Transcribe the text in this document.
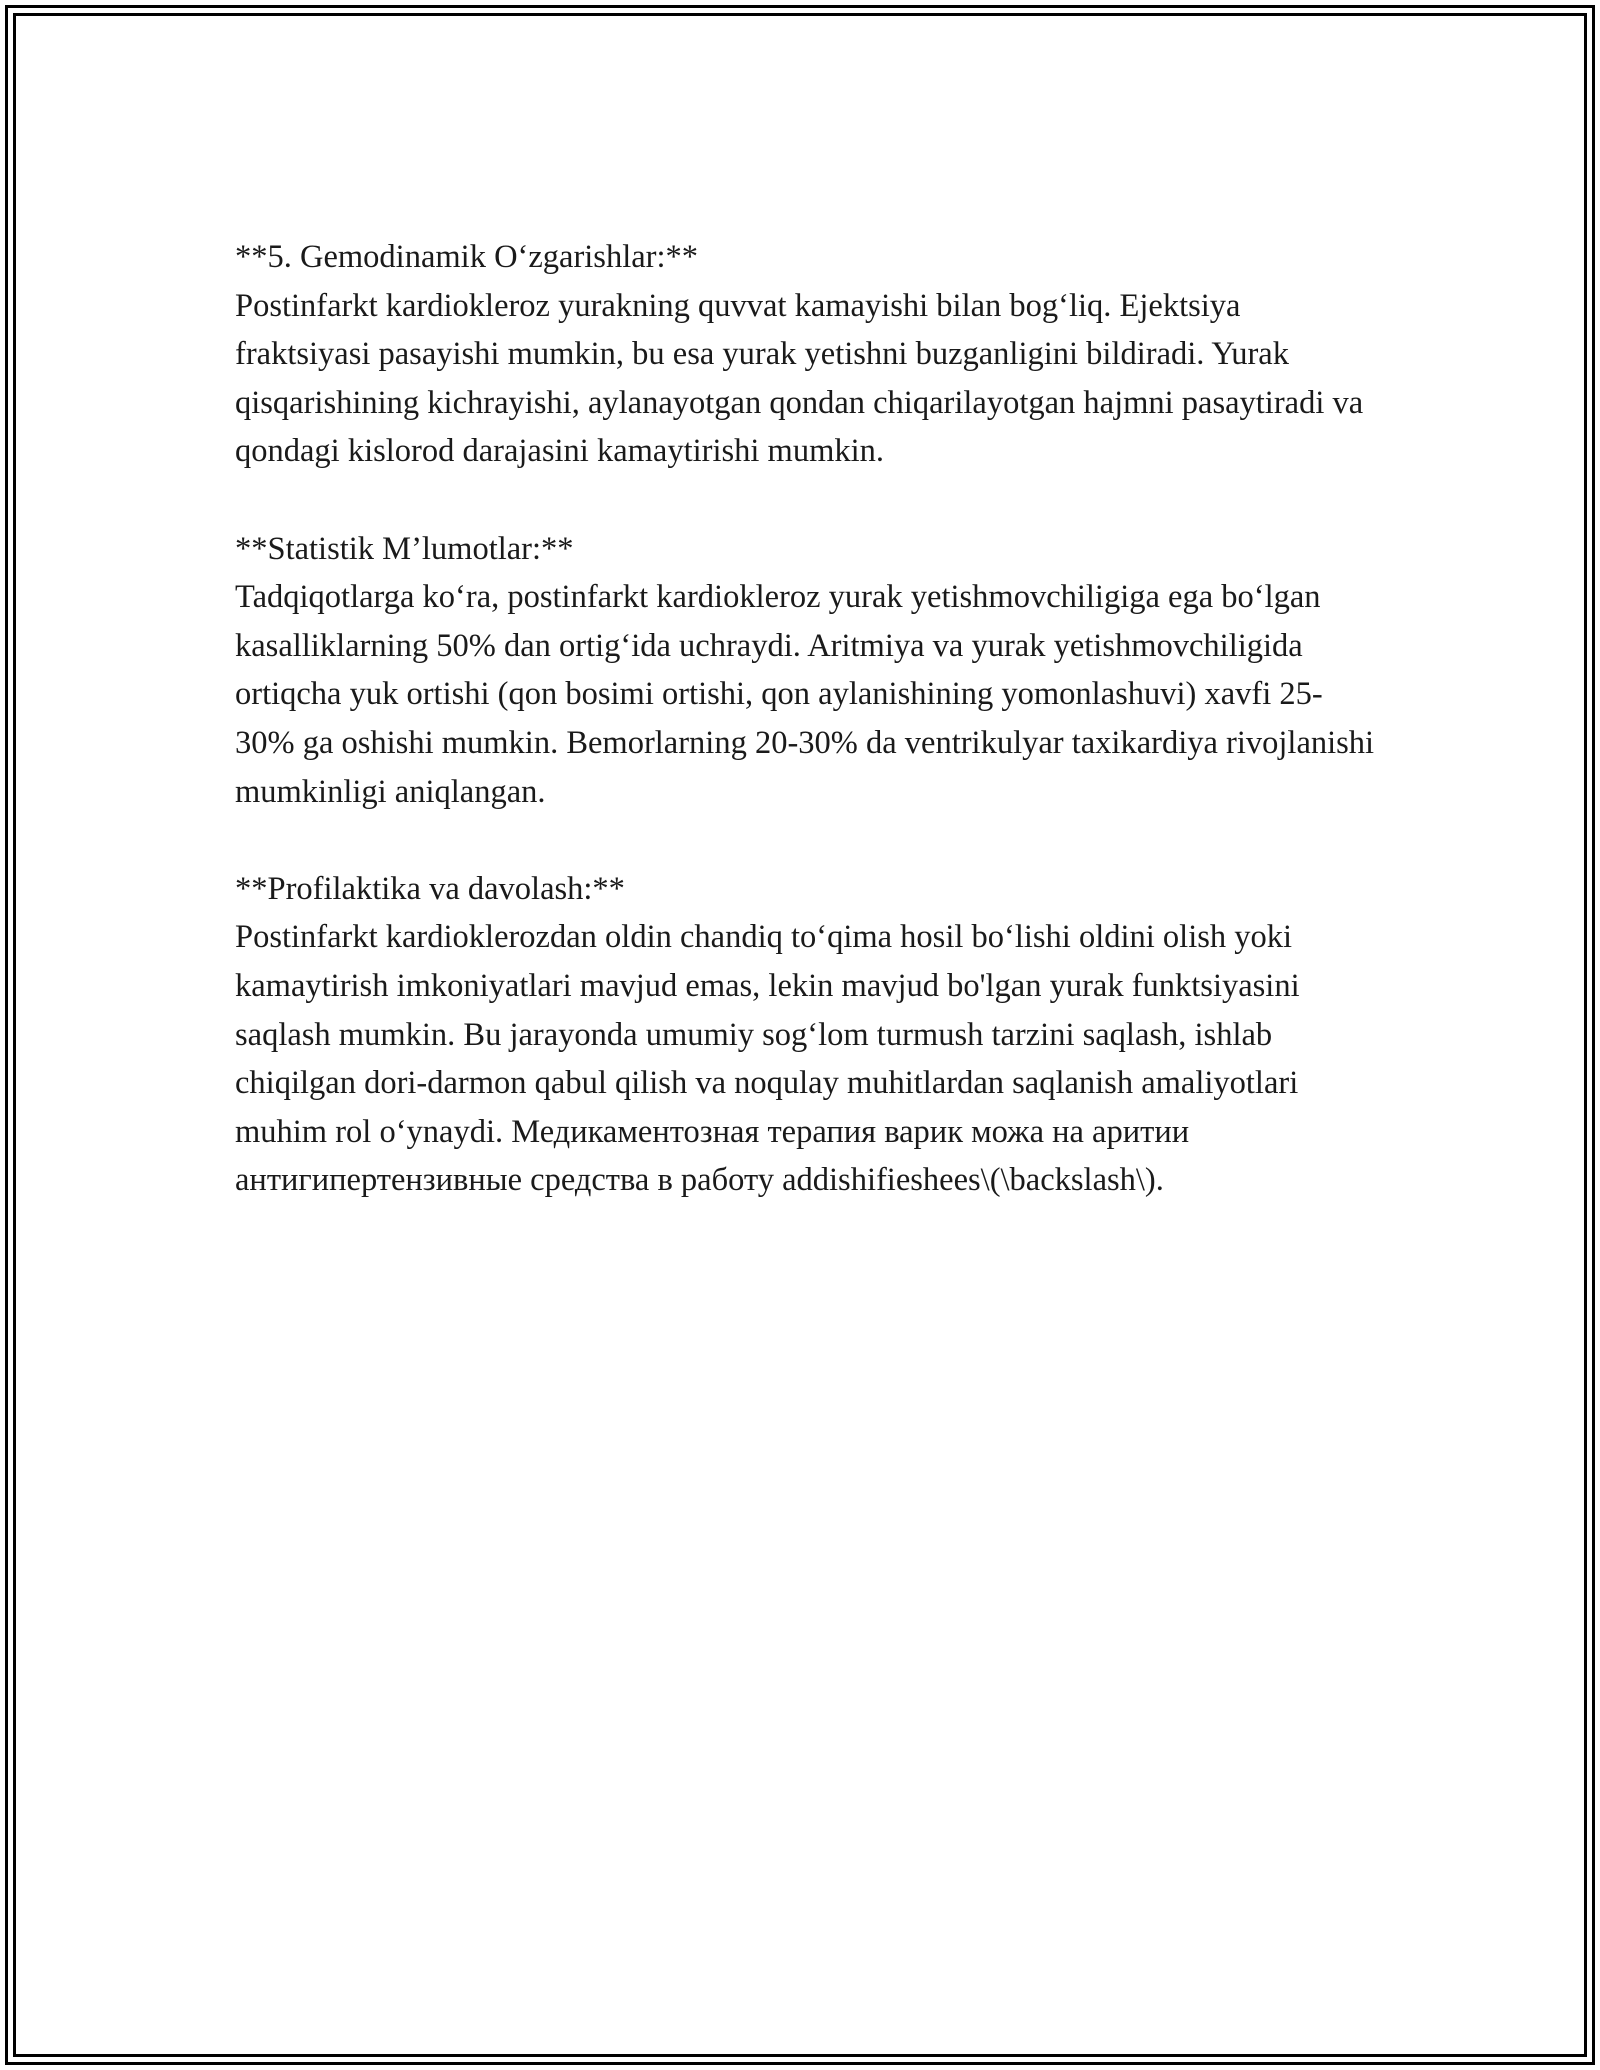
**5. Gemodinamik O‘zgarishlar:**
Postinfarkt kardiokleroz yurakning quvvat kamayishi bilan bog‘liq. Ejektsiya fraktsiyasi pasayishi mumkin, bu esa yurak yetishni buzganligini bildiradi. Yurak qisqarishining kichrayishi, aylanayotgan qondan chiqarilayotgan hajmni pasaytiradi va qondagi kislorod darajasini kamaytirishi mumkin.
**Statistik M’lumotlar:**
Tadqiqotlarga ko‘ra, postinfarkt kardiokleroz yurak yetishmovchiligiga ega bo‘lgan kasalliklarning 50% dan ortig‘ida uchraydi. Aritmiya va yurak yetishmovchiligida ortiqcha yuk ortishi (qon bosimi ortishi, qon aylanishining yomonlashuvi) xavfi 25-30% ga oshishi mumkin. Bemorlarning 20-30% da ventrikulyar taxikardiya rivojlanishi mumkinligi aniqlangan.
**Profilaktika va davolash:**
Postinfarkt kardioklerozdan oldin chandiq to‘qima hosil bo‘lishi oldini olish yoki kamaytirish imkoniyatlari mavjud emas, lekin mavjud bo'lgan yurak funktsiyasini saqlash mumkin. Bu jarayonda umumiy sog‘lom turmush tarzini saqlash, ishlab chiqilgan dori-darmon qabul qilish va noqulay muhitlardan saqlanish amaliyotlari muhim rol o‘ynaydi. Медикаментозная терапия варик можа на аритии антигипертензивные средства в работу addishifieshees\(\backslash\).
